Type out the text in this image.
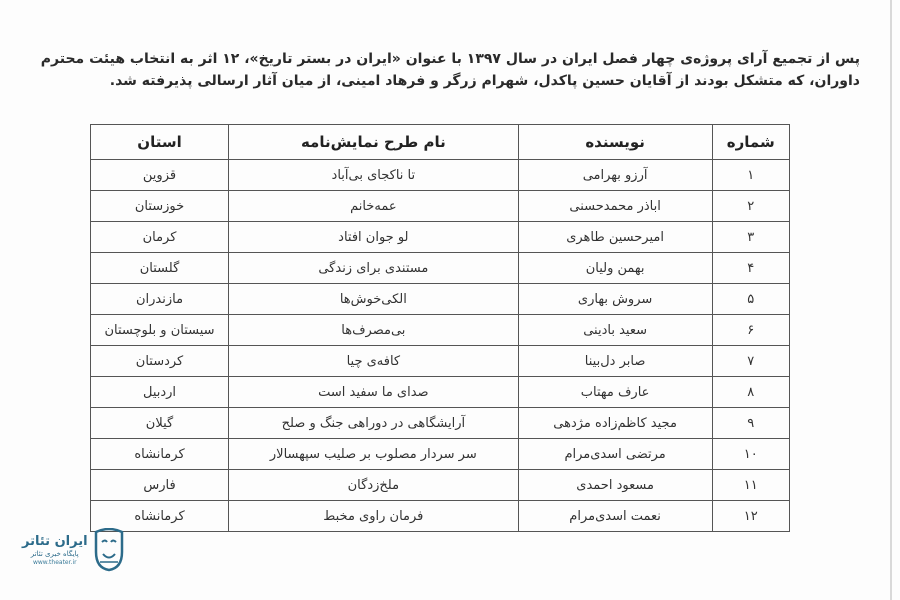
پس از تجمیع آرای پروژه‌ی چهار فصل ایران در سال ۱۳۹۷ با عنوان «ایران در بستر تاریخ»، ۱۲ اثر به انتخاب هیئت محترم

داوران، که متشکل بودند از آقایان حسین پاکدل، شهرام زرگر و فرهاد امینی، از میان آثار ارسالی پذیرفته شد.

شماره	نویسنده	نام طرح نمایش‌نامه	استان
۱	آرزو بهرامی	تا ناکجای بی‌آباد	قزوین
۲	اباذر محمدحسنی	عمه‌خانم	خوزستان
۳	امیرحسین طاهری	لو جوان افتاد	کرمان
۴	بهمن ولیان	مستندی برای زندگی	گلستان
۵	سروش بهاری	الکی‌خوش‌ها	مازندران
۶	سعید بادینی	بی‌مصرف‌ها	سیستان و بلوچستان
۷	صابر دل‌بینا	کافه‌ی چیا	کردستان
۸	عارف مهتاب	صدای ما سفید است	اردبیل
۹	مجید کاظم‌زاده مژدهی	آرایشگاهی در دوراهی جنگ و صلح	گیلان
۱۰	مرتضی اسدی‌مرام	سر سردار مصلوب بر صلیب سپهسالار	کرمانشاه
۱۱	مسعود احمدی	ملخ‌زدگان	فارس
۱۲	نعمت اسدی‌مرام	فرمان راوی مخبط	کرمانشاه
ایران تئاتر
پایگاه خبری تئاتر
www.theater.ir
